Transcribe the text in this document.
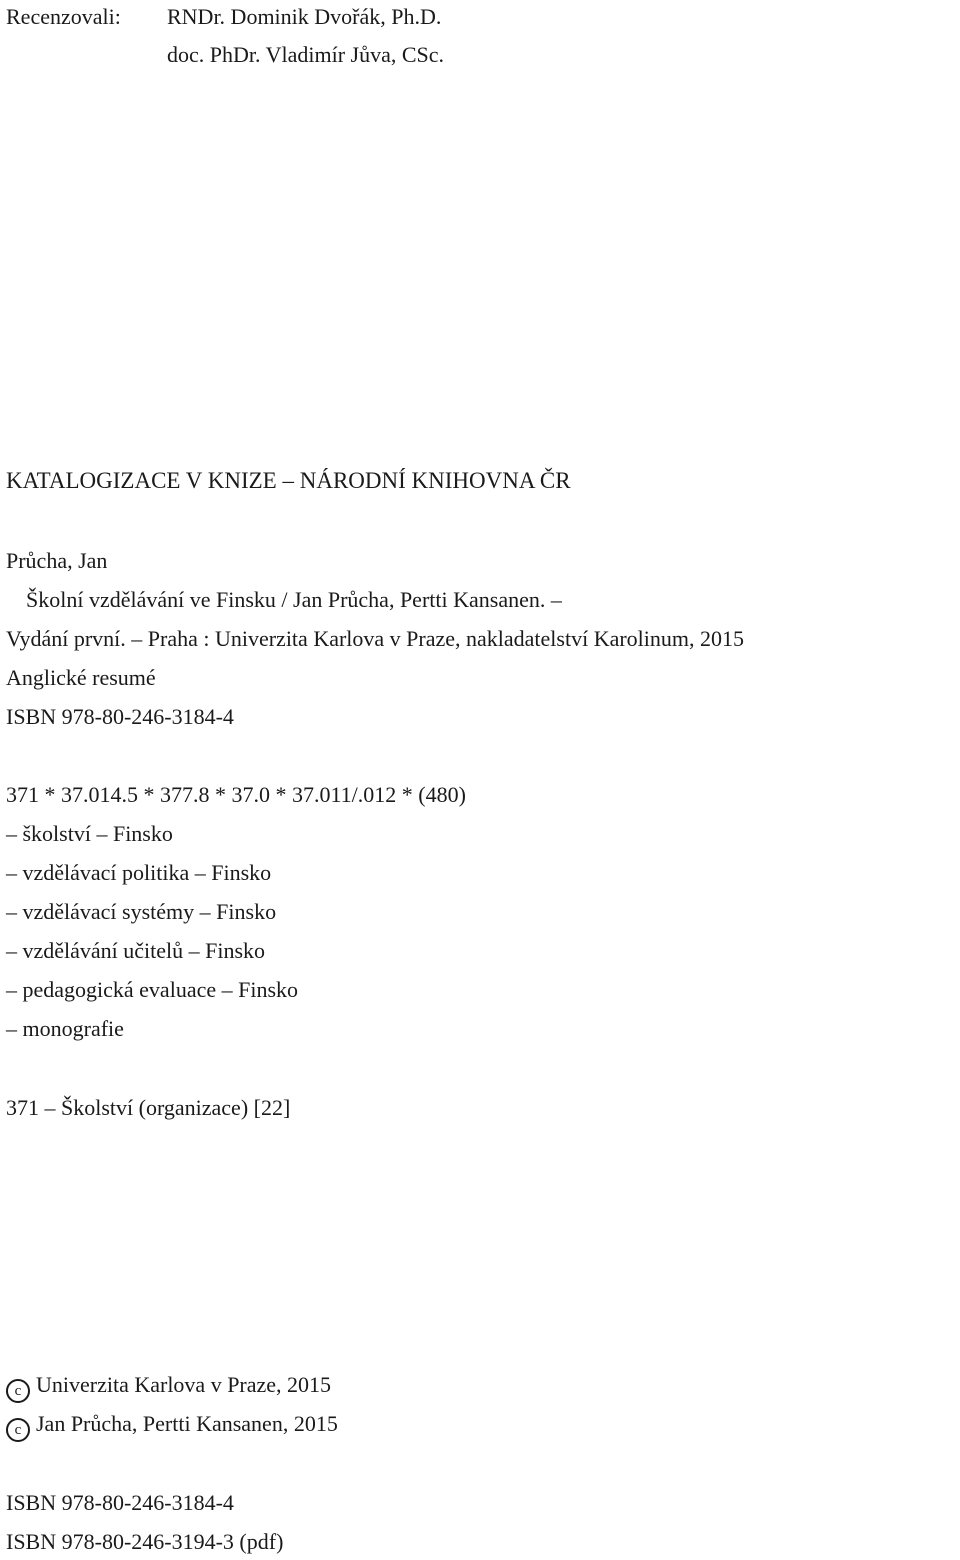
Recenzovali: RNDr. Dominik Dvořák, Ph.D.
doc. PhDr. Vladimír Jůva, CSc.
KATALOGIZACE V KNIZE – NÁRODNÍ KNIHOVNA ČR
Průcha, Jan
Školní vzdělávání ve Finsku / Jan Průcha, Pertti Kansanen. –
Vydání první. – Praha : Univerzita Karlova v Praze, nakladatelství Karolinum, 2015
Anglické resumé
ISBN 978-80-246-3184-4
371 * 37.014.5 * 377.8 * 37.0 * 37.011/.012 * (480)
– školství – Finsko
– vzdělávací politika – Finsko
– vzdělávací systémy – Finsko
– vzdělávání učitelů – Finsko
– pedagogická evaluace – Finsko
– monografie
371 – Školství (organizace) [22]
c Univerzita Karlova v Praze, 2015
c Jan Průcha, Pertti Kansanen, 2015
ISBN 978-80-246-3184-4
ISBN 978-80-246-3194-3 (pdf)
